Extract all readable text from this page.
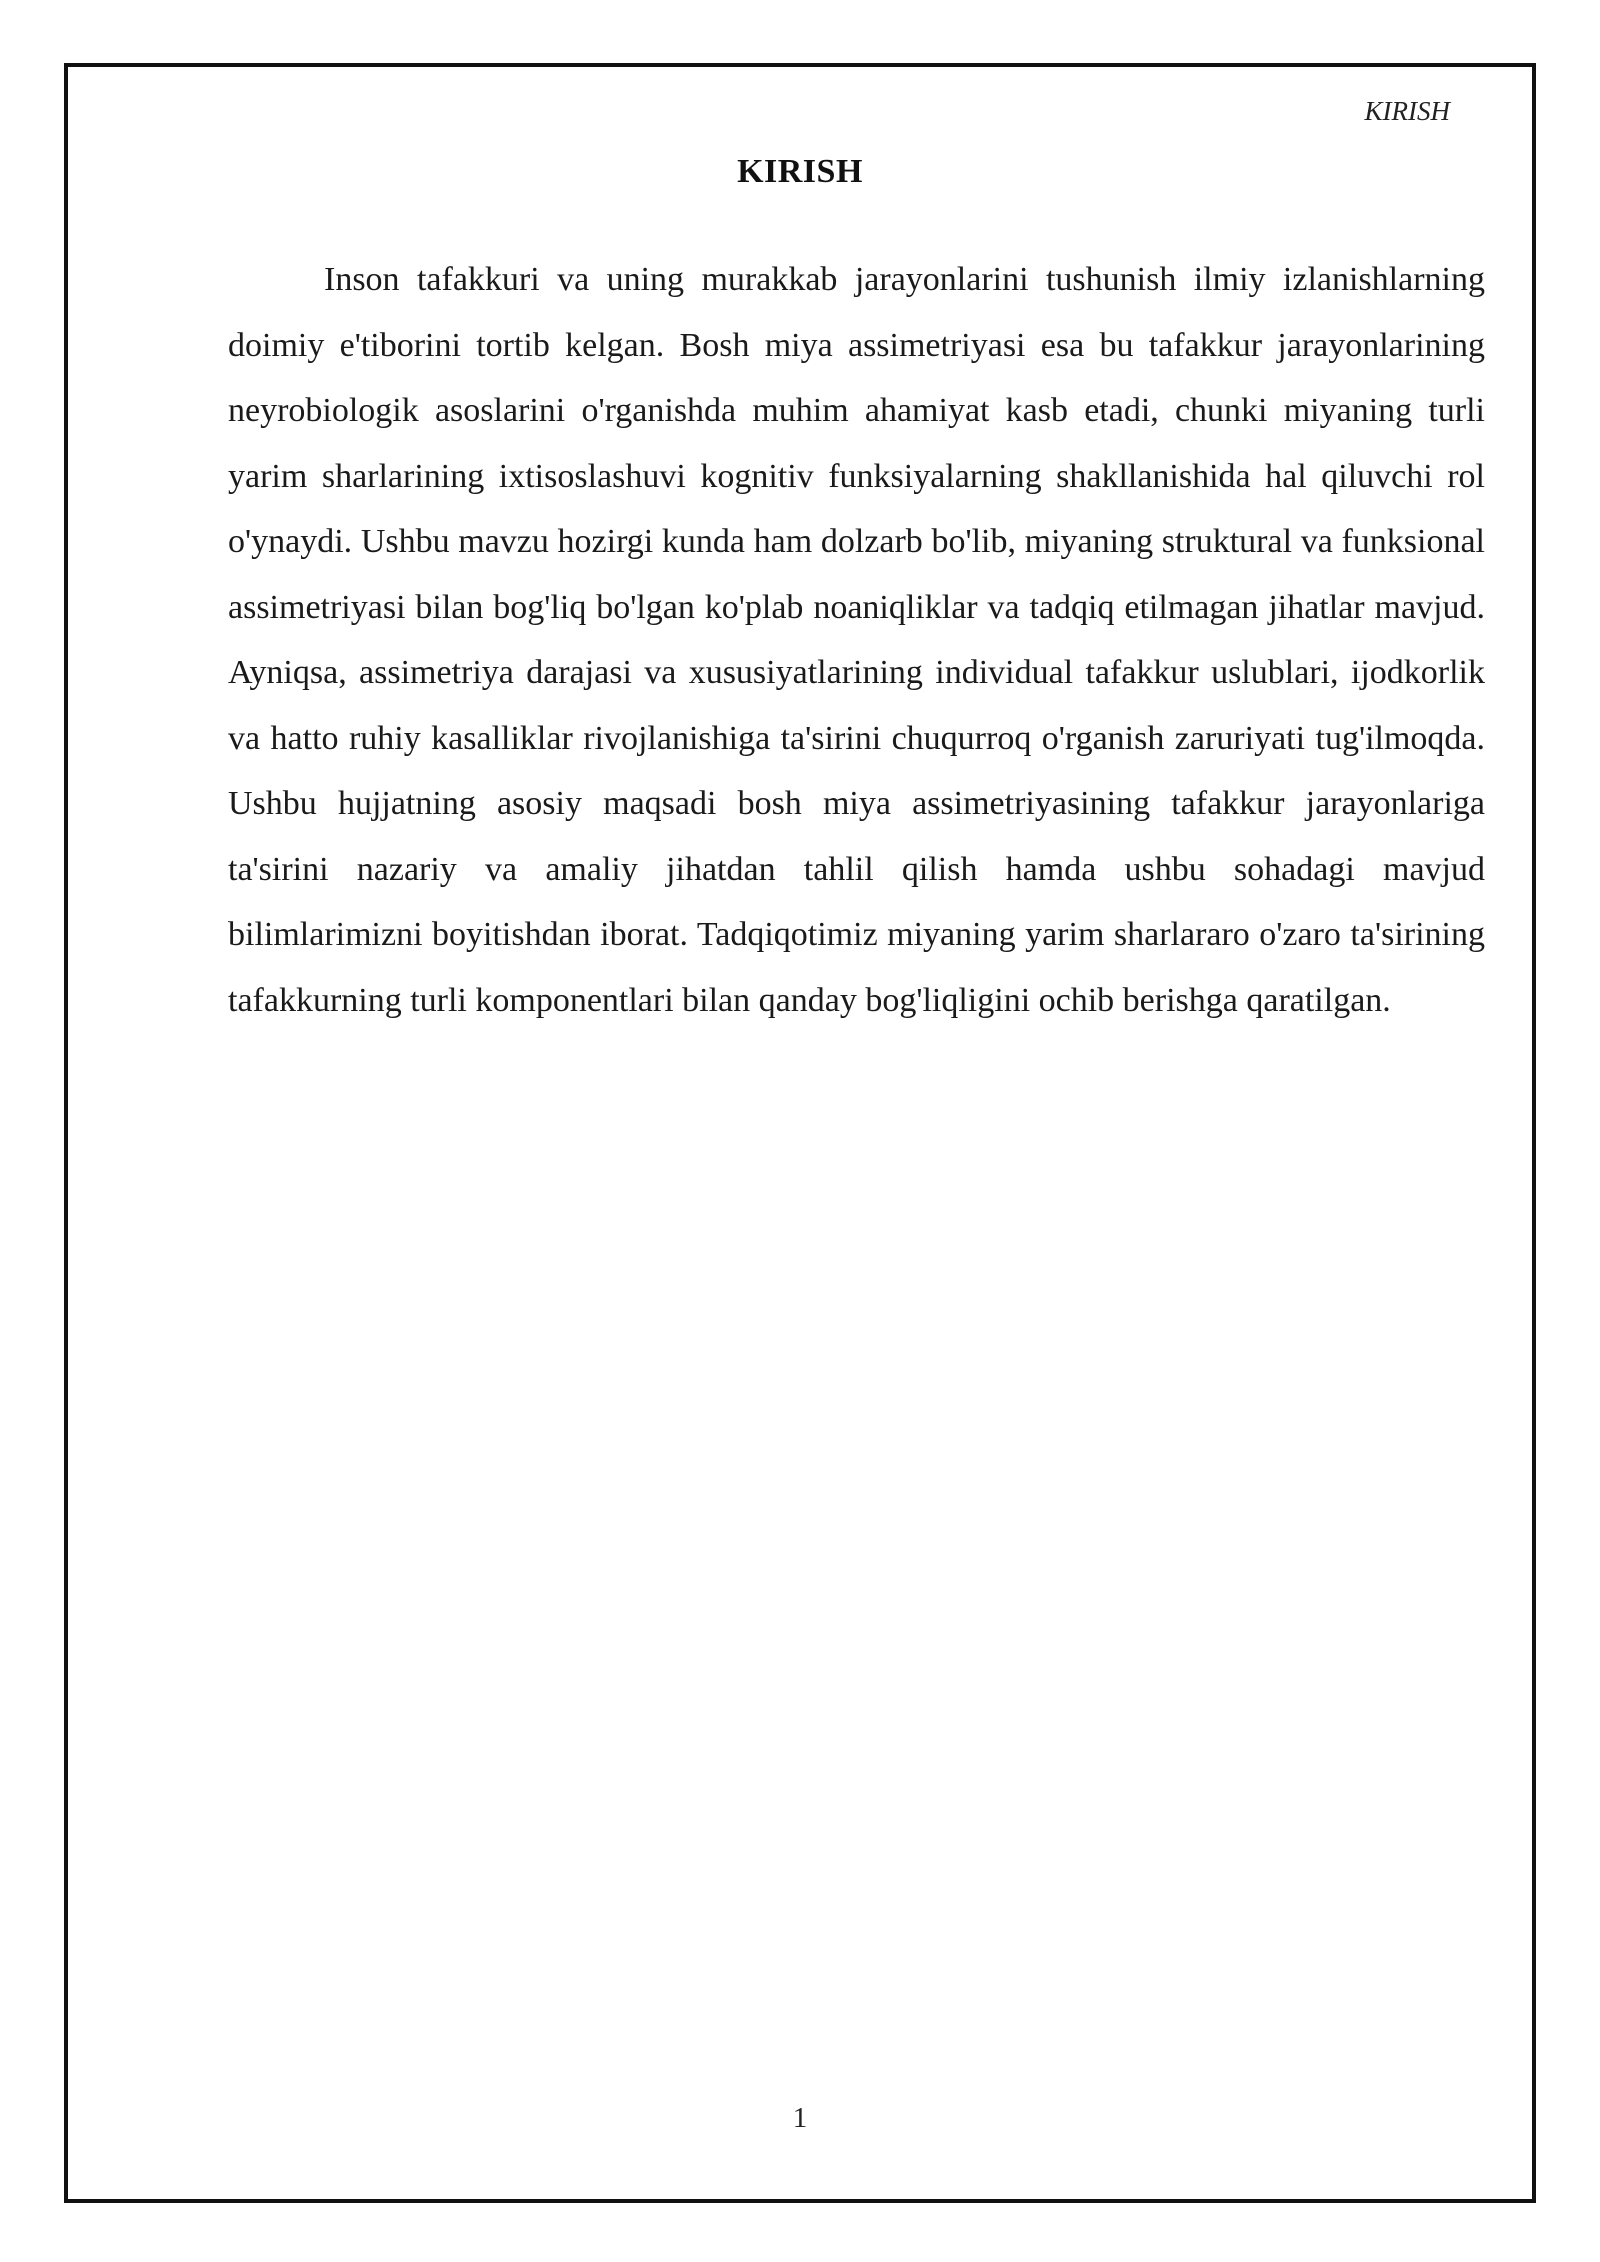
KIRISH
KIRISH

Inson tafakkuri va uning murakkab jarayonlarini tushunish ilmiy izlanishlarning doimiy e'tiborini tortib kelgan. Bosh miya assimetriyasi esa bu tafakkur jarayonlarining neyrobiologik asoslarini o'rganishda muhim ahamiyat kasb etadi, chunki miyaning turli yarim sharlarining ixtisoslashuvi kognitiv funksiyalarning shakllanishida hal qiluvchi rol o'ynaydi. Ushbu mavzu hozirgi kunda ham dolzarb bo'lib, miyaning struktural va funksional assimetriyasi bilan bog'liq bo'lgan ko'plab noaniqliklar va tadqiq etilmagan jihatlar mavjud. Ayniqsa, assimetriya darajasi va xususiyatlarining individual tafakkur uslublari, ijodkorlik va hatto ruhiy kasalliklar rivojlanishiga ta'sirini chuqurroq o'rganish zaruriyati tug'ilmoqda. Ushbu hujjatning asosiy maqsadi bosh miya assimetriyasining tafakkur jarayonlariga ta'sirini nazariy va amaliy jihatdan tahlil qilish hamda ushbu sohadagi mavjud bilimlarimizni boyitishdan iborat. Tadqiqotimiz miyaning yarim sharlararo o'zaro ta'sirining tafakkurning turli komponentlari bilan qanday bog'liqligini ochib berishga qaratilgan.

1
